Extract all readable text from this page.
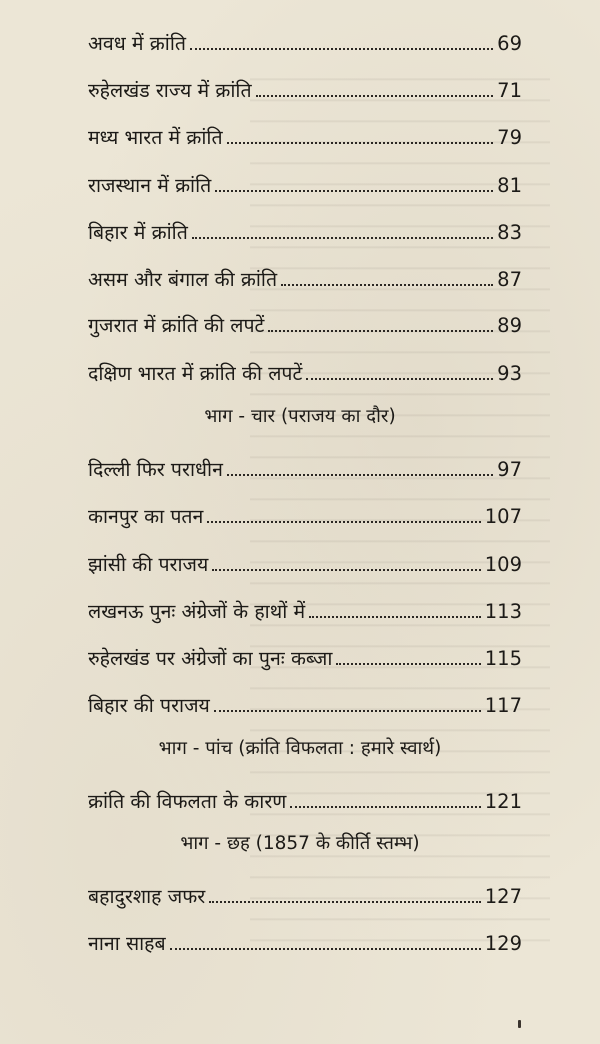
अवध में क्रांति	69
रुहेलखंड राज्य में क्रांति	71
मध्य भारत में क्रांति	79
राजस्थान में क्रांति	81
बिहार में क्रांति	83
असम और बंगाल की क्रांति	87
गुजरात में क्रांति की लपटें	89
दक्षिण भारत में क्रांति की लपटें	93
भाग - चार (पराजय का दौर)
दिल्ली फिर पराधीन	97
कानपुर का पतन	107
झांसी की पराजय	109
लखनऊ पुनः अंग्रेजों के हाथों में	113
रुहेलखंड पर अंग्रेजों का पुनः कब्जा	115
बिहार की पराजय	117
भाग - पांच (क्रांति विफलता : हमारे स्वार्थ)
क्रांति की विफलता के कारण	121
भाग - छह (1857 के कीर्ति स्तम्भ)
बहादुरशाह जफर	127
नाना साहब	129
